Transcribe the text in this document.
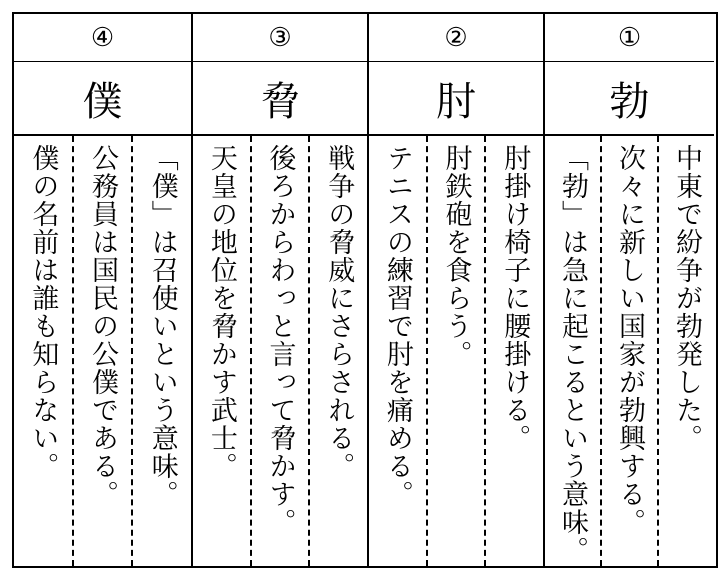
④
僕
「僕」は召使いという意味。
公務員は国民の公僕である。
僕の名前は誰も知らない。
③
脅
戦争の脅威にさらされる。
後ろからわっと言って脅かす。
天皇の地位を脅かす武士。
②
肘
肘掛け椅子に腰掛ける。
肘鉄砲を食らう。
テニスの練習で肘を痛める。
①
勃
中東で紛争が勃発した。
次々に新しい国家が勃興する。
「勃」は急に起こるという意味。
